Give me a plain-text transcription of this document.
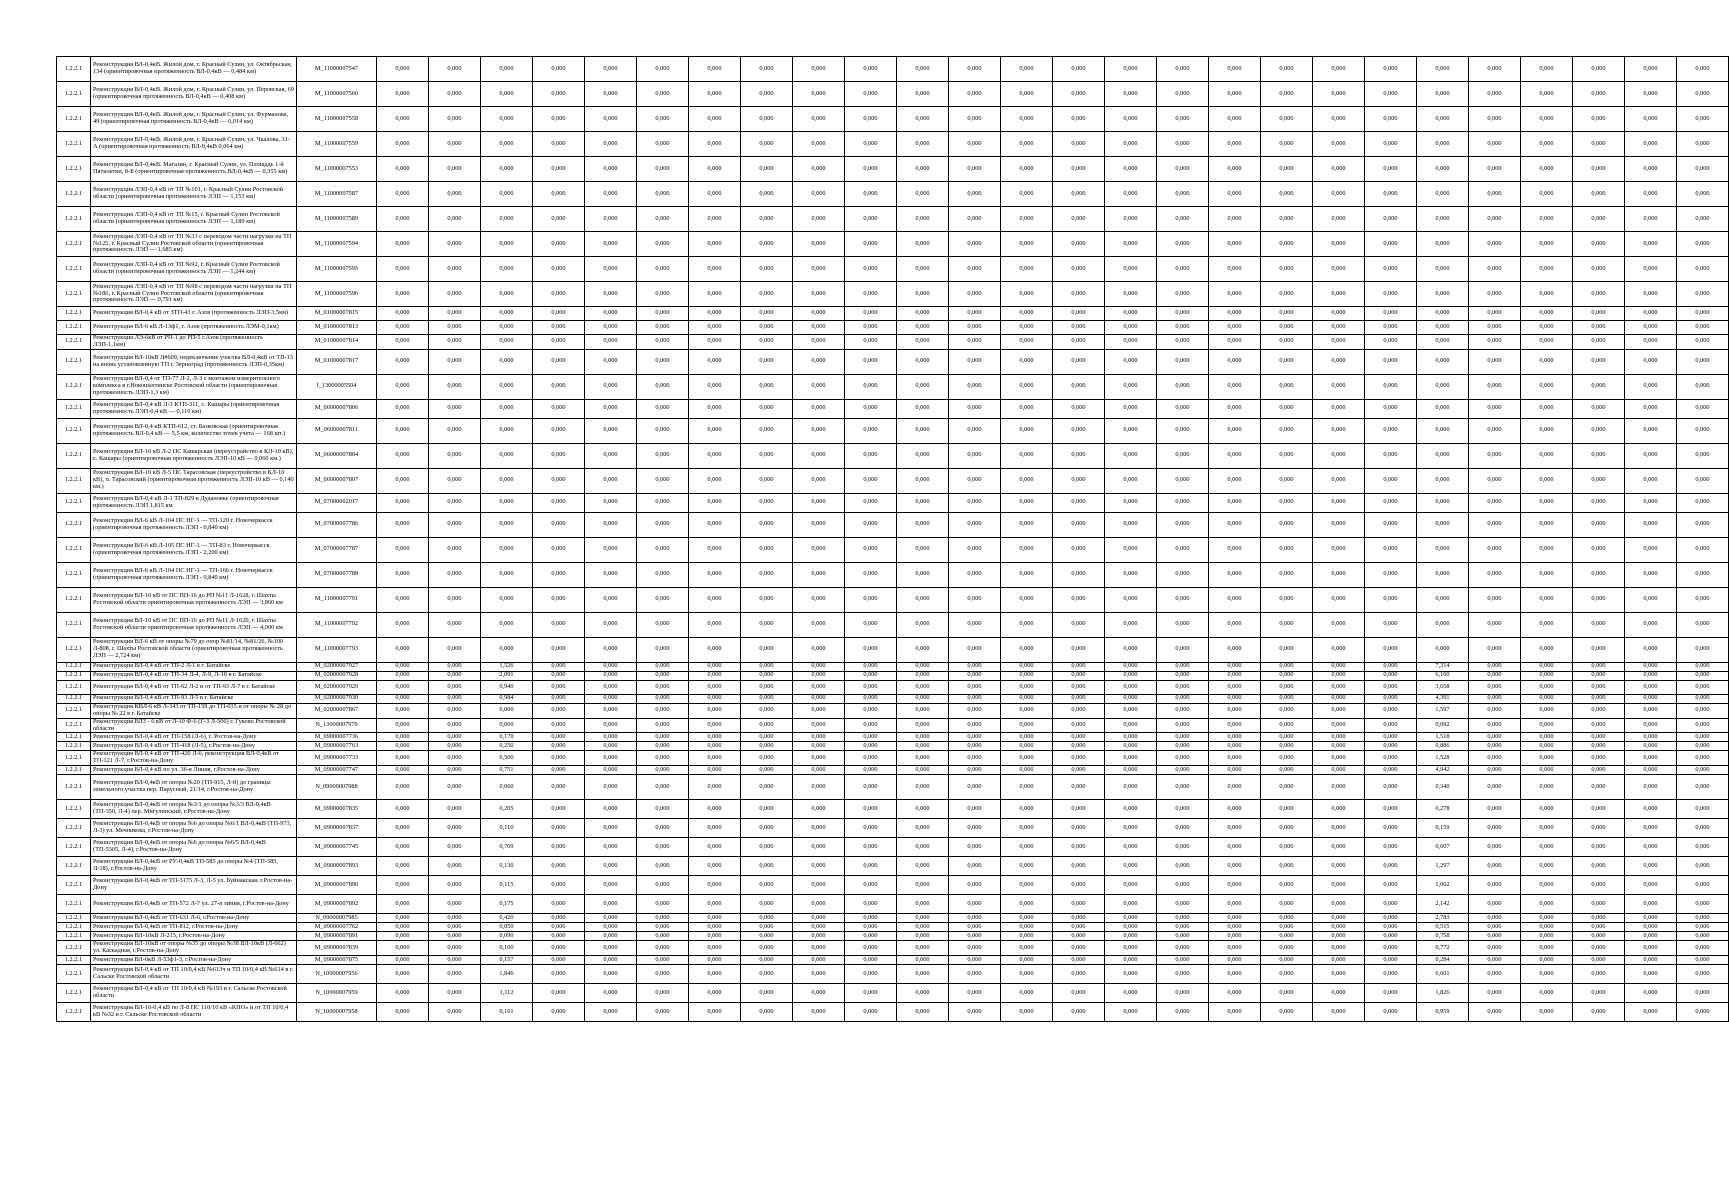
1.2.2.1	Реконструкция ВЛ-0,4кВ. Жилой дом, г. Красный Сулин, ул. Октябрьская, 134 (ориентировочная протяженность ВЛ-0,4кВ — 0,484 км)	M_11000007547	0,000	0,000	0,000	0,000	0,000	0,000	0,000	0,000	0,000	0,000	0,000	0,000	0,000	0,000	0,000	0,000	0,000	0,000	0,000	0,000	0,000	0,000	0,000	0,000	0,000	0,000
1.2.2.1	Реконструкция ВЛ-0,4кВ. Жилой дом, г. Красный Сулин, ул. Перовская, 69 (ориентировочная протяженность ВЛ-0,4кВ — 0,408 км)	M_11000007560	0,000	0,000	0,000	0,000	0,000	0,000	0,000	0,000	0,000	0,000	0,000	0,000	0,000	0,000	0,000	0,000	0,000	0,000	0,000	0,000	0,000	0,000	0,000	0,000	0,000	0,000
1.2.2.1	Реконструкция ВЛ-0,4кВ. Жилой дом, г. Красный Сулин, ул. Фурманова, 49 (ориентировочная протяженность ВЛ-0,4кВ — 0,014 км)	M_11000007558	0,000	0,000	0,000	0,000	0,000	0,000	0,000	0,000	0,000	0,000	0,000	0,000	0,000	0,000	0,000	0,000	0,000	0,000	0,000	0,000	0,000	0,000	0,000	0,000	0,000	0,000
1.2.2.1	Реконструкция ВЛ-0,4кВ. Жилой дом, г. Красный Сулин, ул. Чкалова, 31-А (ориентировочная протяженность ВЛ-0,4кВ 0,064 км)	M_11000007559	0,000	0,000	0,000	0,000	0,000	0,000	0,000	0,000	0,000	0,000	0,000	0,000	0,000	0,000	0,000	0,000	0,000	0,000	0,000	0,000	0,000	0,000	0,000	0,000	0,000	0,000
1.2.2.1	Реконструкция ВЛ-0,4кВ. Магазин, г. Красный Сулин, ул. Площадь 1-й Пятилетки, 8-Б (ориентировочная протяженность ВЛ-0,4кВ — 0,355 км)	M_11000007553	0,000	0,000	0,000	0,000	0,000	0,000	0,000	0,000	0,000	0,000	0,000	0,000	0,000	0,000	0,000	0,000	0,000	0,000	0,000	0,000	0,000	0,000	0,000	0,000	0,000	0,000
1.2.2.1	Реконструкция ЛЭП-0,4 кВ от ТП №101, г. Красный Сулин Ростовской области (ориентировочная протяженность ЛЭП — 1,153 км)	M_11000007587	0,000	0,000	0,000	0,000	0,000	0,000	0,000	0,000	0,000	0,000	0,000	0,000	0,000	0,000	0,000	0,000	0,000	0,000	0,000	0,000	0,000	0,000	0,000	0,000	0,000	0,000
1.2.2.1	Реконструкция ЛЭП-0,4 кВ от ТП №15, г. Красный Сулин Ростовской области (ориентировочная протяженность ЛЭП — 1,189 км)	M_11000007589	0,000	0,000	0,000	0,000	0,000	0,000	0,000	0,000	0,000	0,000	0,000	0,000	0,000	0,000	0,000	0,000	0,000	0,000	0,000	0,000	0,000	0,000	0,000	0,000	0,000	0,000
1.2.2.1	Реконструкция ЛЭП-0,4 кВ от ТП №33 с переводом части нагрузки на ТП №125, г. Красный Сулин Ростовской области (ориентировочная протяженность ЛЭП — 1,685 км)	M_11000007594	0,000	0,000	0,000	0,000	0,000	0,000	0,000	0,000	0,000	0,000	0,000	0,000	0,000	0,000	0,000	0,000	0,000	0,000	0,000	0,000	0,000	0,000	0,000	0,000	0,000	0,000
1.2.2.1	Реконструкция ЛЭП-0,4 кВ от ТП №92, г. Красный Сулин Ростовской области (ориентировочная протяженность ЛЭП — 1,244 км)	M_11000007595	0,000	0,000	0,000	0,000	0,000	0,000	0,000	0,000	0,000	0,000	0,000	0,000	0,000	0,000	0,000	0,000	0,000	0,000	0,000	0,000	0,000	0,000	0,000	0,000	0,000	0,000
1.2.2.1	Реконструкция ЛЭП-0,4 кВ от ТП №98 с переводом части нагрузки на ТП №186, г. Красный Сулин Ростовской области (ориентировочная протяженность ЛЭП — 0,791 км)	M_11000007596	0,000	0,000	0,000	0,000	0,000	0,000	0,000	0,000	0,000	0,000	0,000	0,000	0,000	0,000	0,000	0,000	0,000	0,000	0,000	0,000	0,000	0,000	0,000	0,000	0,000	0,000
1.2.2.1	Реконструкция ВЛ-0,4 кВ от ЗТП-43 г. Азов (протяженность ЛЭП-3,5км)	M_01000007815	0,000	0,000	0,000	0,000	0,000	0,000	0,000	0,000	0,000	0,000	0,000	0,000	0,000	0,000	0,000	0,000	0,000	0,000	0,000	0,000	0,000	0,000	0,000	0,000	0,000	0,000
1.2.2.1	Реконструкция ВЛ-6 кВ Л-13ф1, г. Азов (протяженность ЛЭМ-0,1км)	M_01000007813	0,000	0,000	0,000	0,000	0,000	0,000	0,000	0,000	0,000	0,000	0,000	0,000	0,000	0,000	0,000	0,000	0,000	0,000	0,000	0,000	0,000	0,000	0,000	0,000	0,000	0,000
1.2.2.1	Реконструкция ЛЭ-6кВ от РП-1 до РП-5 г.Азов (протяженность ЛЭП-1,1км)	M_01000007814	0,000	0,000	0,000	0,000	0,000	0,000	0,000	0,000	0,000	0,000	0,000	0,000	0,000	0,000	0,000	0,000	0,000	0,000	0,000	0,000	0,000	0,000	0,000	0,000	0,000	0,000
1.2.2.1	Реконструкция ВЛ-10кВ Л#609, переключение участка ВЛ-0,4кВ от ТП-15 на вновь установленную ТП г. Зерноград (протяженность ЛЭП-0,35км)	M_01000007817	0,000	0,000	0,000	0,000	0,000	0,000	0,000	0,000	0,000	0,000	0,000	0,000	0,000	0,000	0,000	0,000	0,000	0,000	0,000	0,000	0,000	0,000	0,000	0,000	0,000	0,000
1.2.2.1	Реконструкция ВЛ-0,4 от ТП-77 Л-2, Л-3 с монтажом измерительного комплекса в г.Новошахтинске Ростовской области (ориентировочная протяженность ЛЭП-1,3 км)	I_13000005504	0,000	0,000	0,000	0,000	0,000	0,000	0,000	0,000	0,000	0,000	0,000	0,000	0,000	0,000	0,000	0,000	0,000	0,000	0,000	0,000	0,000	0,000	0,000	0,000	0,000	0,000
1.2.2.1	Реконструкция ВЛ-0,4 кВ Л-3 КТП-311, с. Кашары (ориентировочная протяженность ЛЭП-0,4 кВ — 0,110 км)	M_06000007806	0,000	0,000	0,000	0,000	0,000	0,000	0,000	0,000	0,000	0,000	0,000	0,000	0,000	0,000	0,000	0,000	0,000	0,000	0,000	0,000	0,000	0,000	0,000	0,000	0,000	0,000
1.2.2.1	Реконструкция ВЛ-0,4 кВ КТП-612, ст. Базковская (ориентировочная протяженность ВЛ-0,4 кВ — 5,5 км, количество точек учета — 168 шт.)	M_06000007811	0,000	0,000	0,000	0,000	0,000	0,000	0,000	0,000	0,000	0,000	0,000	0,000	0,000	0,000	0,000	0,000	0,000	0,000	0,000	0,000	0,000	0,000	0,000	0,000	0,000	0,000
1.2.2.1	Реконструкция ВЛ-10 кВ Л-2 ПС Кашарская (переустройство в КЛ-10 кВ), с. Кашары (ориентировочная протяженность ЛЭП-10 кВ — 0,060 км.)	M_06000007804	0,000	0,000	0,000	0,000	0,000	0,000	0,000	0,000	0,000	0,000	0,000	0,000	0,000	0,000	0,000	0,000	0,000	0,000	0,000	0,000	0,000	0,000	0,000	0,000	0,000	0,000
1.2.2.1	Реконструкция ВЛ-10 кВ Л-5 ПС Тарасовская (переустройство в КЛ-10 кВ), п. Тарасовский (ориентировочная протяженность ЛЭП-10 кВ — 0,140 км.)	M_06000007807	0,000	0,000	0,000	0,000	0,000	0,000	0,000	0,000	0,000	0,000	0,000	0,000	0,000	0,000	0,000	0,000	0,000	0,000	0,000	0,000	0,000	0,000	0,000	0,000	0,000	0,000
1.2.2.1	Реконструкция ВЛ-0,4 кВ Л-1 ТП-829 в Дудановке (ориентировочная протяженность ЛЭП 1,815 км	M_07000002017	0,000	0,000	0,000	0,000	0,000	0,000	0,000	0,000	0,000	0,000	0,000	0,000	0,000	0,000	0,000	0,000	0,000	0,000	0,000	0,000	0,000	0,000	0,000	0,000	0,000	0,000
1.2.2.1	Реконструкция ВЛ-6 кВ Л-104 ПС НГ-1 — ТП-120 г. Новочеркасск (ориентировочная протяженность ЛЭП - 0,840 км)	M_07000007786	0,000	0,000	0,000	0,000	0,000	0,000	0,000	0,000	0,000	0,000	0,000	0,000	0,000	0,000	0,000	0,000	0,000	0,000	0,000	0,000	0,000	0,000	0,000	0,000	0,000	0,000
1.2.2.1	Реконструкция ВЛ-6 кВ Л-105 ПС НГ-1 — ТП-83 г. Новочеркасск (ориентировочная протяженность ЛЭП - 2,200 км)	M_07000007787	0,000	0,000	0,000	0,000	0,000	0,000	0,000	0,000	0,000	0,000	0,000	0,000	0,000	0,000	0,000	0,000	0,000	0,000	0,000	0,000	0,000	0,000	0,000	0,000	0,000	0,000
1.2.2.1	Реконструкция ВЛ-6 кВ Л-104 ПС НГ-1 — ТП-166 г. Новочеркасск (ориентировочная протяженность ЛЭП - 0,840 км)	M_07000007788	0,000	0,000	0,000	0,000	0,000	0,000	0,000	0,000	0,000	0,000	0,000	0,000	0,000	0,000	0,000	0,000	0,000	0,000	0,000	0,000	0,000	0,000	0,000	0,000	0,000	0,000
1.2.2.1	Реконструкция ВЛ-10 кВ от ПС ПП-16 до РП №11 Л-1628, г. Шахты Ростовской области ориентировочная протяженность ЛЭП — 3,860 км	M_11000007791	0,000	0,000	0,000	0,000	0,000	0,000	0,000	0,000	0,000	0,000	0,000	0,000	0,000	0,000	0,000	0,000	0,000	0,000	0,000	0,000	0,000	0,000	0,000	0,000	0,000	0,000
1.2.2.1	Реконструкция ВЛ-10 кВ от ПС ПП-16 до РП №11 Л-1620, г. Шахты Ростовской области ориентировочная протяженность ЛЭП — 4,000 км	M_11000007792	0,000	0,000	0,000	0,000	0,000	0,000	0,000	0,000	0,000	0,000	0,000	0,000	0,000	0,000	0,000	0,000	0,000	0,000	0,000	0,000	0,000	0,000	0,000	0,000	0,000	0,000
1.2.2.1	Реконструкция ВЛ-6 кВ от опоры №79 до опор №81/14, №81/26, №100 Л-808, г. Шахты Ростовской области (ориентировочная протяженность ЛЭП — 2,724 км)	M_11000007793	0,000	0,000	0,000	0,000	0,000	0,000	0,000	0,000	0,000	0,000	0,000	0,000	0,000	0,000	0,000	0,000	0,000	0,000	0,000	0,000	0,000	0,000	0,000	0,000	0,000	0,000
1.2.2.1	Реконструкция ВЛ-0,4 кВ от ТП-2 Л-1 в г. Батайске	M_02000007927	0,000	0,000	1,526	0,000	0,000	0,000	0,000	0,000	0,000	0,000	0,000	0,000	0,000	0,000	0,000	0,000	0,000	0,000	0,000	0,000	7,314	0,000	0,000	0,000	0,000	0,000
1.2.2.1	Реконструкция ВЛ-0,4 кВ от ТП-34 Л-4, Л-9, Л-10 в г. Батайске	M_02000007928	0,000	0,000	2,091	0,000	0,000	0,000	0,000	0,000	0,000	0,000	0,000	0,000	0,000	0,000	0,000	0,000	0,000	0,000	0,000	0,000	6,160	0,000	0,000	0,000	0,000	0,000
1.2.2.1	Реконструкция ВЛ-0,4 кВ от ТП-62 Л-2 и от ТП-93 Л-7 в г. Батайске	M_02000007929	0,000	0,000	0,940	0,000	0,000	0,000	0,000	0,000	0,000	0,000	0,000	0,000	0,000	0,000	0,000	0,000	0,000	0,000	0,000	0,000	3,658	0,000	0,000	0,000	0,000	0,000
1.2.2.1	Реконструкция ВЛ-0,4 кВ от ТП-93 Л-5 в г. Батайске	M_02000007930	0,000	0,000	0,984	0,000	0,000	0,000	0,000	0,000	0,000	0,000	0,000	0,000	0,000	0,000	0,000	0,000	0,000	0,000	0,000	0,000	4,391	0,000	0,000	0,000	0,000	0,000
1.2.2.1	Реконструкция КВЛ-6 кВ Л-343 от ТП-159 до ТП-035 и от опоры № 28 до опоры № 22 в г. Батайске	M_02000007867	0,000	0,000	0,000	0,000	0,000	0,000	0,000	0,000	0,000	0,000	0,000	0,000	0,000	0,000	0,000	0,000	0,000	0,000	0,000	0,000	1,597	0,000	0,000	0,000	0,000	0,000
1.2.2.1	Реконструкция ВЛЗ - 6 кВ от Л-10 Ф-6 (Г-3 Л-506) г. Гуково Ростовской области	N_13000007979	0,000	0,000	0,000	0,000	0,000	0,000	0,000	0,000	0,000	0,000	0,000	0,000	0,000	0,000	0,000	0,000	0,000	0,000	0,000	0,000	0,092	0,000	0,000	0,000	0,000	0,000
1.2.2.1	Реконструкция ВЛ-0,4 кВ от ТП-158 (Л-6), г. Ростов-на-Дону	M_09000007736	0,000	0,000	0,170	0,000	0,000	0,000	0,000	0,000	0,000	0,000	0,000	0,000	0,000	0,000	0,000	0,000	0,000	0,000	0,000	0,000	1,518	0,000	0,000	0,000	0,000	0,000
1.2.2.1	Реконструкция ВЛ-0,4 кВ от ТП-418 (Л-5), г.Ростов-на-Дону	M_09000007763	0,000	0,000	0,250	0,000	0,000	0,000	0,000	0,000	0,000	0,000	0,000	0,000	0,000	0,000	0,000	0,000	0,000	0,000	0,000	0,000	0,886	0,000	0,000	0,000	0,000	0,000
1.2.2.1	Реконструкция ВЛ-0,4 кВ от ТП-420 Л-6, реконструкция ВЛ-0,4кВ от ТП-121 Л-7, г.Ростов-на-Дону	M_09000007733	0,000	0,000	0,500	0,000	0,000	0,000	0,000	0,000	0,000	0,000	0,000	0,000	0,000	0,000	0,000	0,000	0,000	0,000	0,000	0,000	1,528	0,000	0,000	0,000	0,000	0,000
1.2.2.1	Реконструкция ВЛ-0,4 кВ по ул. 36-я Линия, г.Ростов-на-Дону	M_09000007747	0,000	0,000	0,751	0,000	0,000	0,000	0,000	0,000	0,000	0,000	0,000	0,000	0,000	0,000	0,000	0,000	0,000	0,000	0,000	0,000	4,942	0,000	0,000	0,000	0,000	0,000
1.2.2.1	Реконструкция ВЛ-0,4кВ от опоры №20 (ТП-915, Л-8) до границы земельного участка пер. Парусный, 21/14, г.Ростов-на-Дону	N_09000007988	0,000	0,000	0,060	0,000	0,000	0,000	0,000	0,000	0,000	0,000	0,000	0,000	0,000	0,000	0,000	0,000	0,000	0,000	0,000	0,000	0,340	0,000	0,000	0,000	0,000	0,000
1.2.2.1	Реконструкция ВЛ-0,4кВ от опоры №3/1 до опоры №3/3 ВЛ-0,4кВ (ТП-350, Л-4) пер. Мигулинский, г.Ростов-на-Дону	M_09000007835	0,000	0,000	0,205	0,000	0,000	0,000	0,000	0,000	0,000	0,000	0,000	0,000	0,000	0,000	0,000	0,000	0,000	0,000	0,000	0,000	0,278	0,000	0,000	0,000	0,000	0,000
1.2.2.1	Реконструкция ВЛ-0,4кВ от опоры №6 до опоры №6/1 ВЛ-0,4кВ (ТП-973, Л-3) ул. Мечникова, г.Ростов-на-Дону	M_09000007837	0,000	0,000	0,110	0,000	0,000	0,000	0,000	0,000	0,000	0,000	0,000	0,000	0,000	0,000	0,000	0,000	0,000	0,000	0,000	0,000	0,159	0,000	0,000	0,000	0,000	0,000
1.2.2.1	Реконструкция ВЛ-0,4кВ от опоры №6 до опоры №6/5 ВЛ-0,4кВ (ТП-5305, Л-4), г.Ростов-на-Дону	M_09000007745	0,000	0,000	0,709	0,000	0,000	0,000	0,000	0,000	0,000	0,000	0,000	0,000	0,000	0,000	0,000	0,000	0,000	0,000	0,000	0,000	0,607	0,000	0,000	0,000	0,000	0,000
1.2.2.1	Реконструкция ВЛ-0,4кВ от РУ-0,4кВ ТП-585 до опоры №4 (ТП-585, Л-18), г.Ростов-на-Дону	M_09000007893	0,000	0,000	0,130	0,000	0,000	0,000	0,000	0,000	0,000	0,000	0,000	0,000	0,000	0,000	0,000	0,000	0,000	0,000	0,000	0,000	1,297	0,000	0,000	0,000	0,000	0,000
1.2.2.1	Реконструкция ВЛ-0,4кВ от ТП-3175 Л-3, Л-5 ул. Буйнакская, г.Ростов-на-Дону	M_09000007890	0,000	0,000	0,115	0,000	0,000	0,000	0,000	0,000	0,000	0,000	0,000	0,000	0,000	0,000	0,000	0,000	0,000	0,000	0,000	0,000	1,062	0,000	0,000	0,000	0,000	0,000
1.2.2.1	Реконструкция ВЛ-0,4кВ от ТП-572 Л-7 ул. 27-я линия, г.Ростов-на-Дону	M_09000007892	0,000	0,000	0,175	0,000	0,000	0,000	0,000	0,000	0,000	0,000	0,000	0,000	0,000	0,000	0,000	0,000	0,000	0,000	0,000	0,000	2,142	0,000	0,000	0,000	0,000	0,000
1.2.2.1	Реконструкция ВЛ-0,4кВ от ТП-631 Л-6, г.Ростов-на-Дону	N_09000007985	0,000	0,000	0,420	0,000	0,000	0,000	0,000	0,000	0,000	0,000	0,000	0,000	0,000	0,000	0,000	0,000	0,000	0,000	0,000	0,000	2,783	0,000	0,000	0,000	0,000	0,000
1.2.2.1	Реконструкция ВЛ-0,4кВ от ТП-812, г.Ростов-на-Дону	M_09000007762	0,000	0,000	0,050	0,000	0,000	0,000	0,000	0,000	0,000	0,000	0,000	0,000	0,000	0,000	0,000	0,000	0,000	0,000	0,000	0,000	0,515	0,000	0,000	0,000	0,000	0,000
1.2.2.1	Реконструкция ВЛ-10кВ Л-215, г.Ростов-на-Дону	M_09000007891	0,000	0,000	0,090	0,000	0,000	0,000	0,000	0,000	0,000	0,000	0,000	0,000	0,000	0,000	0,000	0,000	0,000	0,000	0,000	0,000	0,758	0,000	0,000	0,000	0,000	0,000
1.2.2.1	Реконструкция ВЛ-10кВ от опоры №35 до опоры №38 ВЛ-10кВ (Л-662) ул. Каскадная, г.Ростов-на-Дону	M_09000007839	0,000	0,000	0,100	0,000	0,000	0,000	0,000	0,000	0,000	0,000	0,000	0,000	0,000	0,000	0,000	0,000	0,000	0,000	0,000	0,000	0,772	0,000	0,000	0,000	0,000	0,000
1.2.2.1	Реконструкция ВЛ-6кВ Л-53ф1-3, г.Ростов-на-Дону	M_09000007875	0,000	0,000	0,157	0,000	0,000	0,000	0,000	0,000	0,000	0,000	0,000	0,000	0,000	0,000	0,000	0,000	0,000	0,000	0,000	0,000	0,284	0,000	0,000	0,000	0,000	0,000
1.2.2.1	Реконструкция ВЛ-0,4 кВ от ТП 10/0,4 кВ №613ч и ТП 10/0,4 кВ №614 в г. Сальске Ростовской области	N_10000007956	0,000	0,000	1,846	0,000	0,000	0,000	0,000	0,000	0,000	0,000	0,000	0,000	0,000	0,000	0,000	0,000	0,000	0,000	0,000	0,000	6,601	0,000	0,000	0,000	0,000	0,000
1.2.2.1	Реконструкция ВЛ-0,4 кВ от ТП 10/0,4 кВ №193 в г. Сальске Ростовской области	N_10000007959	0,000	0,000	1,112	0,000	0,000	0,000	0,000	0,000	0,000	0,000	0,000	0,000	0,000	0,000	0,000	0,000	0,000	0,000	0,000	0,000	1,826	0,000	0,000	0,000	0,000	0,000
1.2.2.1	Реконструкция ВЛ-10-0,4 кВ по Л-8 ПС 110/10 кВ «КПО» и от ТП 10/0,4 кВ №32 в г. Сальске Ростовской области	N_10000007958	0,000	0,000	0,161	0,000	0,000	0,000	0,000	0,000	0,000	0,000	0,000	0,000	0,000	0,000	0,000	0,000	0,000	0,000	0,000	0,000	0,959	0,000	0,000	0,000	0,000	0,000
